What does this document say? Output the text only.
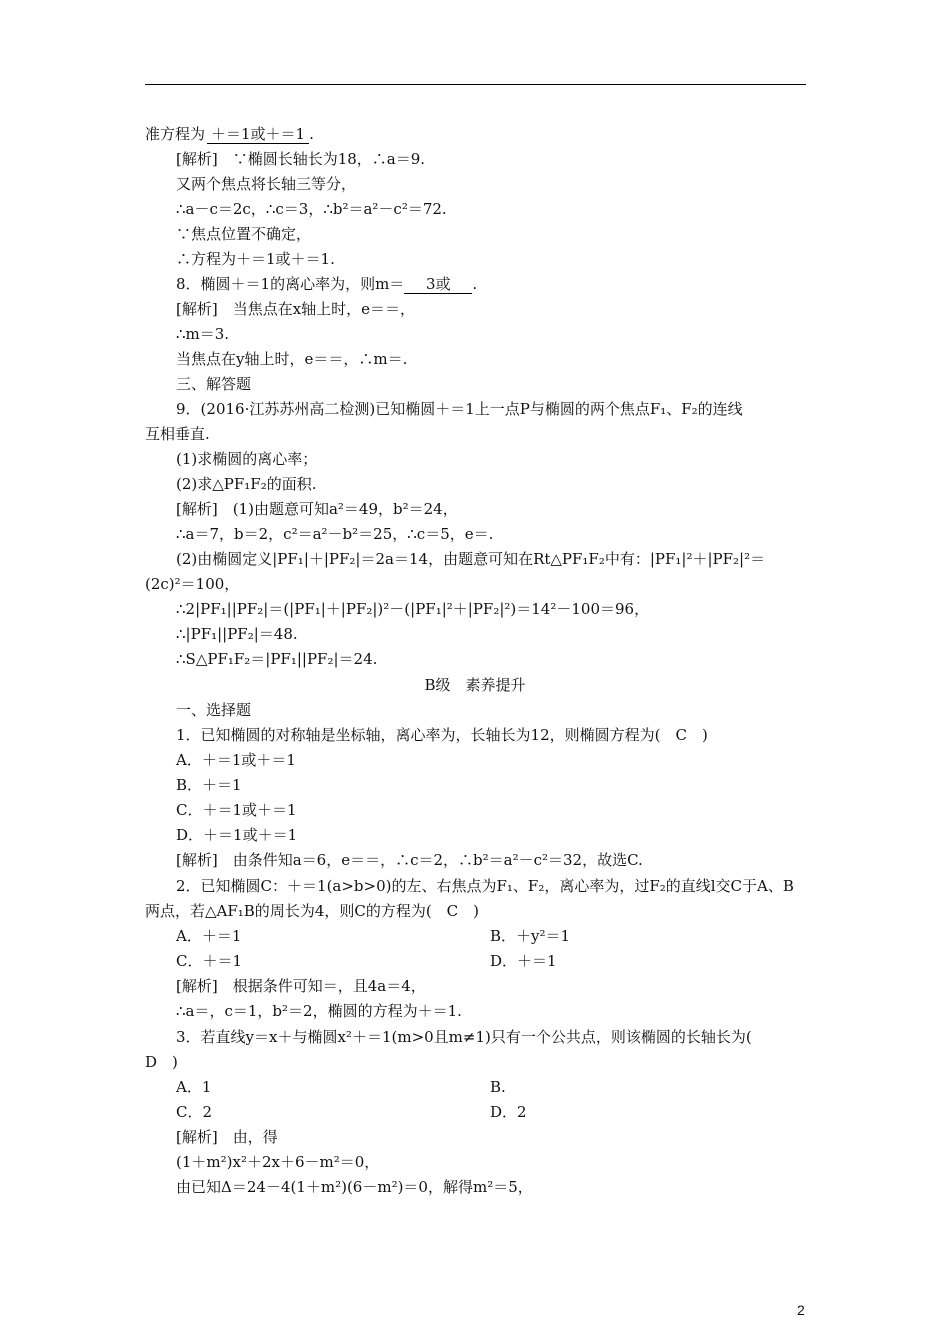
准方程为 ＋＝1或＋＝1 .
[解析]　∵椭圆长轴长为18，∴a＝9.
又两个焦点将长轴三等分，
∴a－c＝2c，∴c＝3，∴b²＝a²－c²＝72.
∵焦点位置不确定，
∴方程为＋＝1或＋＝1.
8．椭圆＋＝1的离心率为，则m＝ 3或 .
[解析]　当焦点在x轴上时，e＝＝，
∴m＝3.
当焦点在y轴上时，e＝＝，∴m＝.
三、解答题
9．(2016·江苏苏州高二检测)已知椭圆＋＝1上一点P与椭圆的两个焦点F₁、F₂的连线
互相垂直.
(1)求椭圆的离心率；
(2)求△PF₁F₂的面积.
[解析]　(1)由题意可知a²＝49，b²＝24，
∴a＝7，b＝2，c²＝a²－b²＝25，∴c＝5，e＝.
(2)由椭圆定义|PF₁|＋|PF₂|＝2a＝14，由题意可知在Rt△PF₁F₂中有：|PF₁|²＋|PF₂|²＝
(2c)²＝100，
∴2|PF₁||PF₂|＝(|PF₁|＋|PF₂|)²－(|PF₁|²＋|PF₂|²)＝14²－100＝96，
∴|PF₁||PF₂|＝48.
∴S△PF₁F₂＝|PF₁||PF₂|＝24.
B级　素养提升
一、选择题
1．已知椭圆的对称轴是坐标轴，离心率为，长轴长为12，则椭圆方程为(　C　)
A．＋＝1或＋＝1
B．＋＝1
C．＋＝1或＋＝1
D．＋＝1或＋＝1
[解析]　由条件知a＝6，e＝＝，∴c＝2，∴b²＝a²－c²＝32，故选C.
2．已知椭圆C：＋＝1(a>b>0)的左、右焦点为F₁、F₂，离心率为，过F₂的直线l交C于A、B
两点，若△AF₁B的周长为4，则C的方程为(　C　)
A．＋＝1	B．＋y²＝1
C．＋＝1	D．＋＝1
[解析]　根据条件可知＝，且4a＝4，
∴a＝，c＝1，b²＝2，椭圆的方程为＋＝1.
3．若直线y＝x＋与椭圆x²＋＝1(m>0且m≠1)只有一个公共点，则该椭圆的长轴长为(
D　)
A．1	B.
C．2	D．2
[解析]　由，得
(1＋m²)x²＋2x＋6－m²＝0，
由已知Δ＝24－4(1＋m²)(6－m²)＝0，解得m²＝5，
2
